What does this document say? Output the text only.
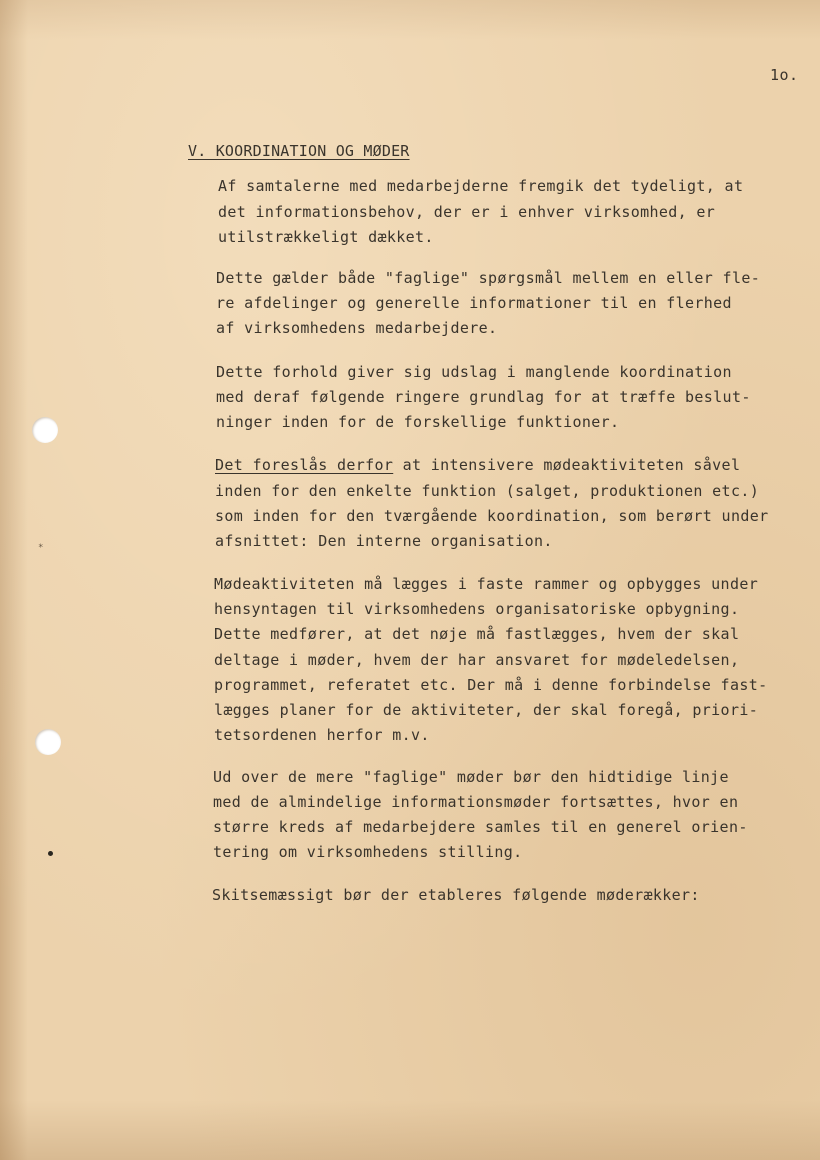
*
1o.
V. KOORDINATION OG MØDER
Af samtalerne med medarbejderne fremgik det tydeligt, at
det informationsbehov, der er i enhver virksomhed, er
utilstrækkeligt dækket.
Dette gælder både "faglige" spørgsmål mellem en eller fle-
re afdelinger og generelle informationer til en flerhed
af virksomhedens medarbejdere.
Dette forhold giver sig udslag i manglende koordination
med deraf følgende ringere grundlag for at træffe beslut-
ninger inden for de forskellige funktioner.
Det foreslås derfor at intensivere mødeaktiviteten såvel
inden for den enkelte funktion (salget, produktionen etc.)
som inden for den tværgående koordination, som berørt under
afsnittet: Den interne organisation.
Mødeaktiviteten må lægges i faste rammer og opbygges under
hensyntagen til virksomhedens organisatoriske opbygning.
Dette medfører, at det nøje må fastlægges, hvem der skal
deltage i møder, hvem der har ansvaret for mødeledelsen,
programmet, referatet etc. Der må i denne forbindelse fast-
lægges planer for de aktiviteter, der skal foregå, priori-
tetsordenen herfor m.v.
Ud over de mere "faglige" møder bør den hidtidige linje
med de almindelige informationsmøder fortsættes, hvor en
større kreds af medarbejdere samles til en generel orien-
tering om virksomhedens stilling.
Skitsemæssigt bør der etableres følgende møderækker:
